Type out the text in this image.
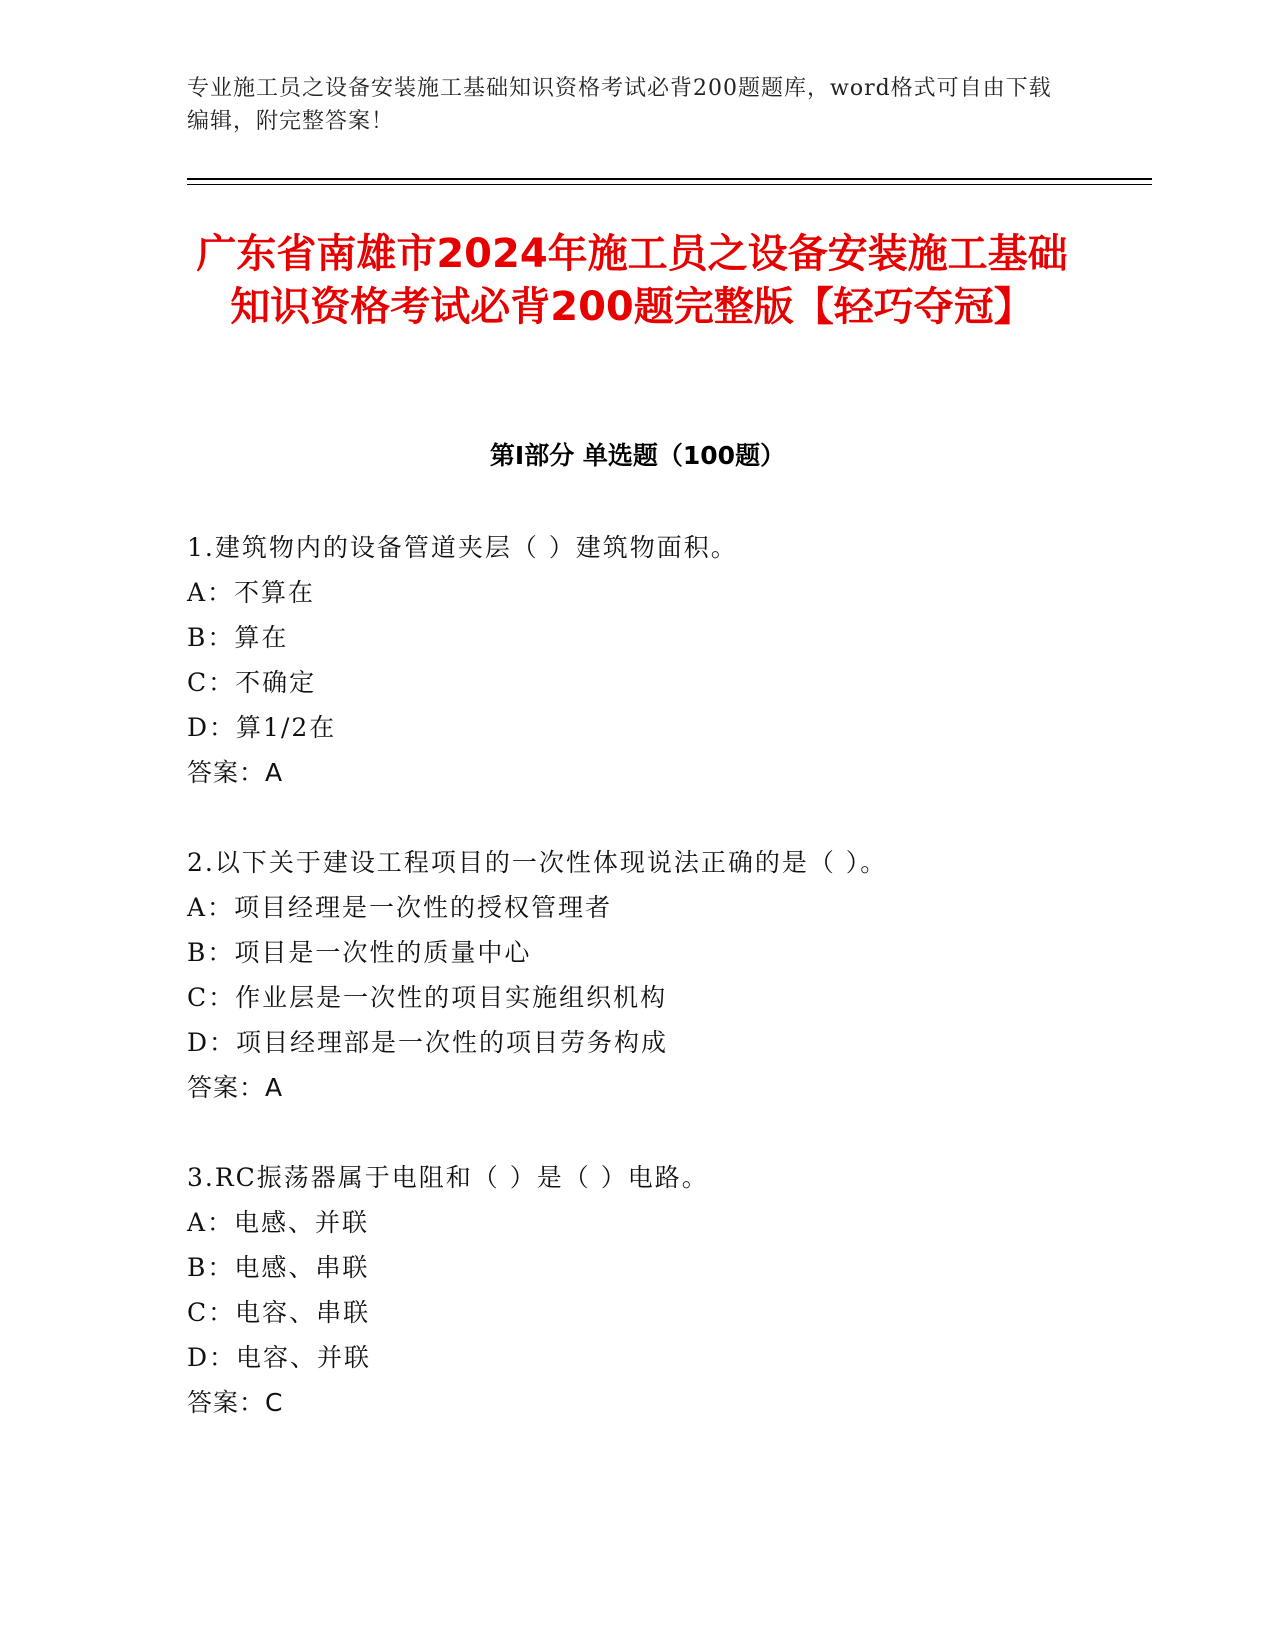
专业施工员之设备安装施工基础知识资格考试必背200题题库，word格式可自由下载编辑，附完整答案！
广东省南雄市2024年施工员之设备安装施工基础知识资格考试必背200题完整版【轻巧夺冠】
第I部分 单选题（100题）
1.建筑物内的设备管道夹层（ ）建筑物面积。
A：不算在
B：算在
C：不确定
D：算1/2在
答案：A
2.以下关于建设工程项目的一次性体现说法正确的是（ ）。
A：项目经理是一次性的授权管理者
B：项目是一次性的质量中心
C：作业层是一次性的项目实施组织机构
D：项目经理部是一次性的项目劳务构成
答案：A
3.RC振荡器属于电阻和（ ）是（ ）电路。
A：电感、并联
B：电感、串联
C：电容、串联
D：电容、并联
答案：C
